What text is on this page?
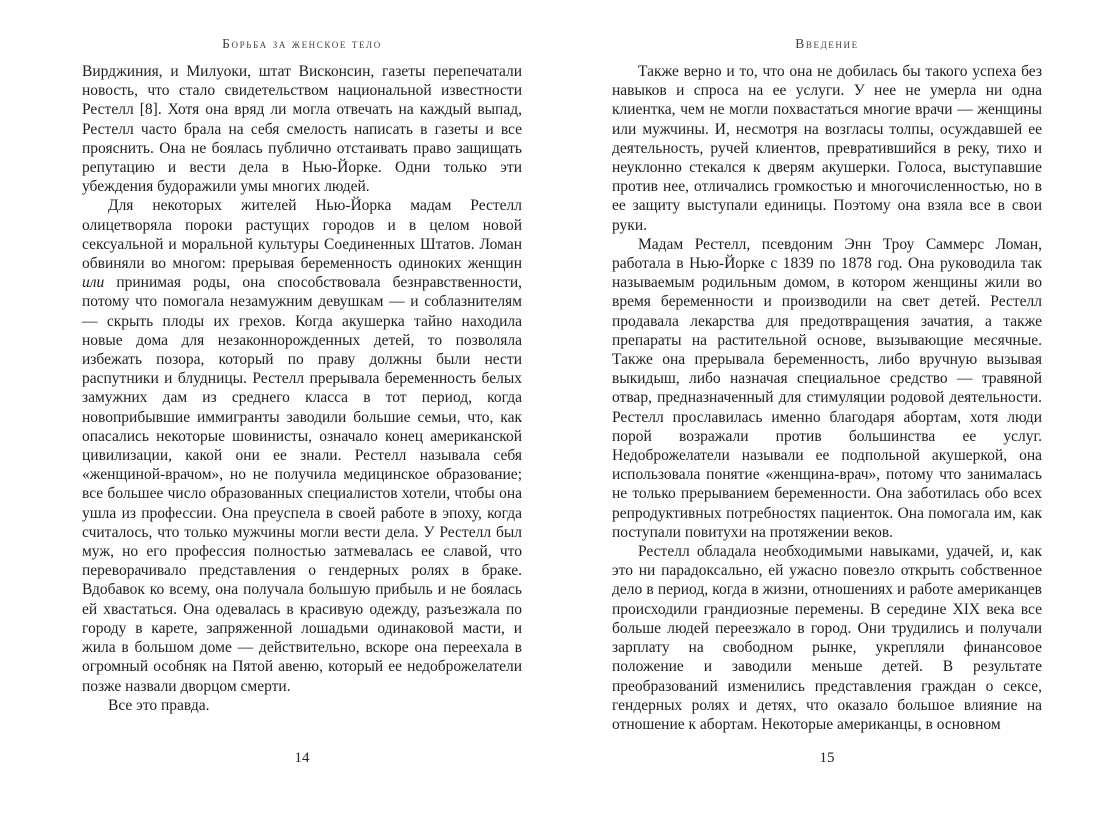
Борьба за женское тело

Вирджиния, и Милуоки, штат Висконсин, газеты перепечатали новость, что стало свидетельством национальной известности Рестелл [8]. Хотя она вряд ли могла отвечать на каждый выпад, Рестелл часто брала на себя смелость написать в газеты и все прояснить. Она не боялась публично отстаивать право защищать репутацию и вести дела в Нью-Йорке. Одни только эти убеждения будоражили умы многих людей.

Для некоторых жителей Нью-Йорка мадам Рестелл олицетворяла пороки растущих городов и в целом новой сексуальной и моральной культуры Соединенных Штатов. Ломан обвиняли во многом: прерывая беременность одиноких женщин или принимая роды, она способствовала безнравственности, потому что помогала незамужним девушкам — и соблазнителям — скрыть плоды их грехов. Когда акушерка тайно находила новые дома для незаконнорожденных детей, то позволяла избежать позора, который по праву должны были нести распутники и блудницы. Рестелл прерывала беременность белых замужних дам из среднего класса в тот период, когда новоприбывшие иммигранты заводили большие семьи, что, как опасались некоторые шовинисты, означало конец американской цивилизации, какой они ее знали. Рестелл называла себя «женщиной-врачом», но не получила медицинское образование; все большее число образованных специалистов хотели, чтобы она ушла из профессии. Она преуспела в своей работе в эпоху, когда считалось, что только мужчины могли вести дела. У Рестелл был муж, но его профессия полностью затмевалась ее славой, что переворачивало представления о гендерных ролях в браке. Вдобавок ко всему, она получала большую прибыль и не боялась ей хвастаться. Она одевалась в красивую одежду, разъезжала по городу в карете, запряженной лошадьми одинаковой масти, и жила в большом доме — действительно, вскоре она переехала в огромный особняк на Пятой авеню, который ее недоброжелатели позже назвали дворцом смерти.

Все это правда.

14
Введение

Также верно и то, что она не добилась бы такого успеха без навыков и спроса на ее услуги. У нее не умерла ни одна клиентка, чем не могли похвастаться многие врачи — женщины или мужчины. И, несмотря на возгласы толпы, осуждавшей ее деятельность, ручей клиентов, превратившийся в реку, тихо и неуклонно стекался к дверям акушерки. Голоса, выступавшие против нее, отличались громкостью и многочисленностью, но в ее защиту выступали единицы. Поэтому она взяла все в свои руки.

Мадам Рестелл, псевдоним Энн Троу Саммерс Ломан, работала в Нью-Йорке с 1839 по 1878 год. Она руководила так называемым родильным домом, в котором женщины жили во время беременности и производили на свет детей. Рестелл продавала лекарства для предотвращения зачатия, а также препараты на растительной основе, вызывающие месячные. Также она прерывала беременность, либо вручную вызывая выкидыш, либо назначая специальное средство — травяной отвар, предназначенный для стимуляции родовой деятельности. Рестелл прославилась именно благодаря абортам, хотя люди порой возражали против большинства ее услуг. Недоброжелатели называли ее подпольной акушеркой, она использовала понятие «женщина-врач», потому что занималась не только прерыванием беременности. Она заботилась обо всех репродуктивных потребностях пациенток. Она помогала им, как поступали повитухи на протяжении веков.

Рестелл обладала необходимыми навыками, удачей, и, как это ни парадоксально, ей ужасно повезло открыть собственное дело в период, когда в жизни, отношениях и работе американцев происходили грандиозные перемены. В середине XIX века все больше людей переезжало в город. Они трудились и получали зарплату на свободном рынке, укрепляли финансовое положение и заводили меньше детей. В результате преобразований изменились представления граждан о сексе, гендерных ролях и детях, что оказало большое влияние на отношение к абортам. Некоторые американцы, в основном

15
